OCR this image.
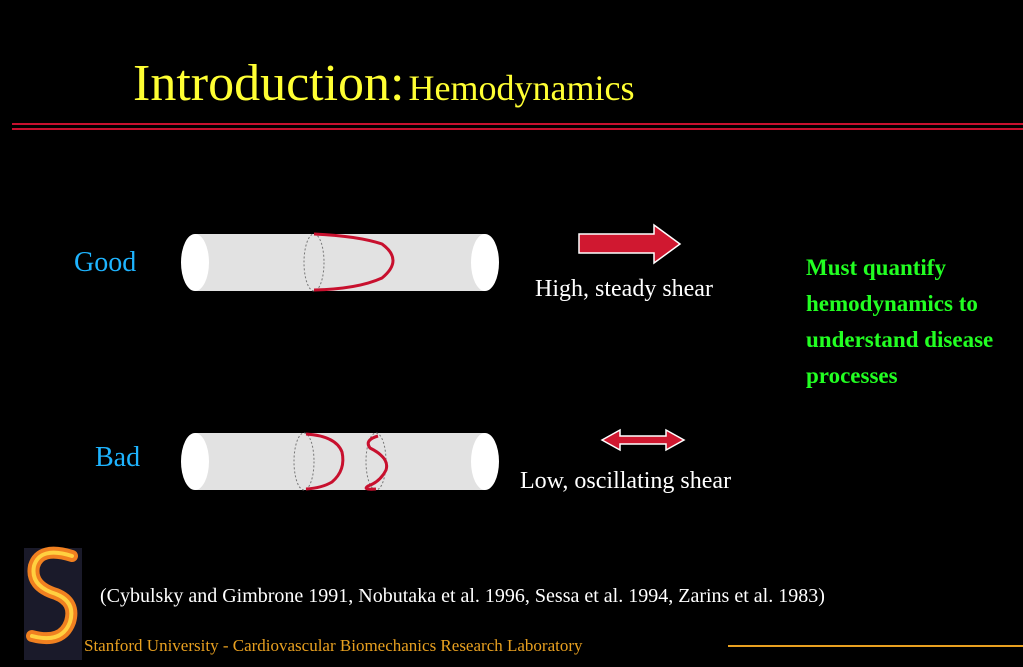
Introduction: Hemodynamics
Good
Bad
High, steady shear
Low, oscillating shear
Must quantify hemodynamics to understand disease processes
(Cybulsky and Gimbrone 1991, Nobutaka et al. 1996, Sessa et al. 1994, Zarins et al. 1983)
Stanford University - Cardiovascular Biomechanics Research Laboratory
